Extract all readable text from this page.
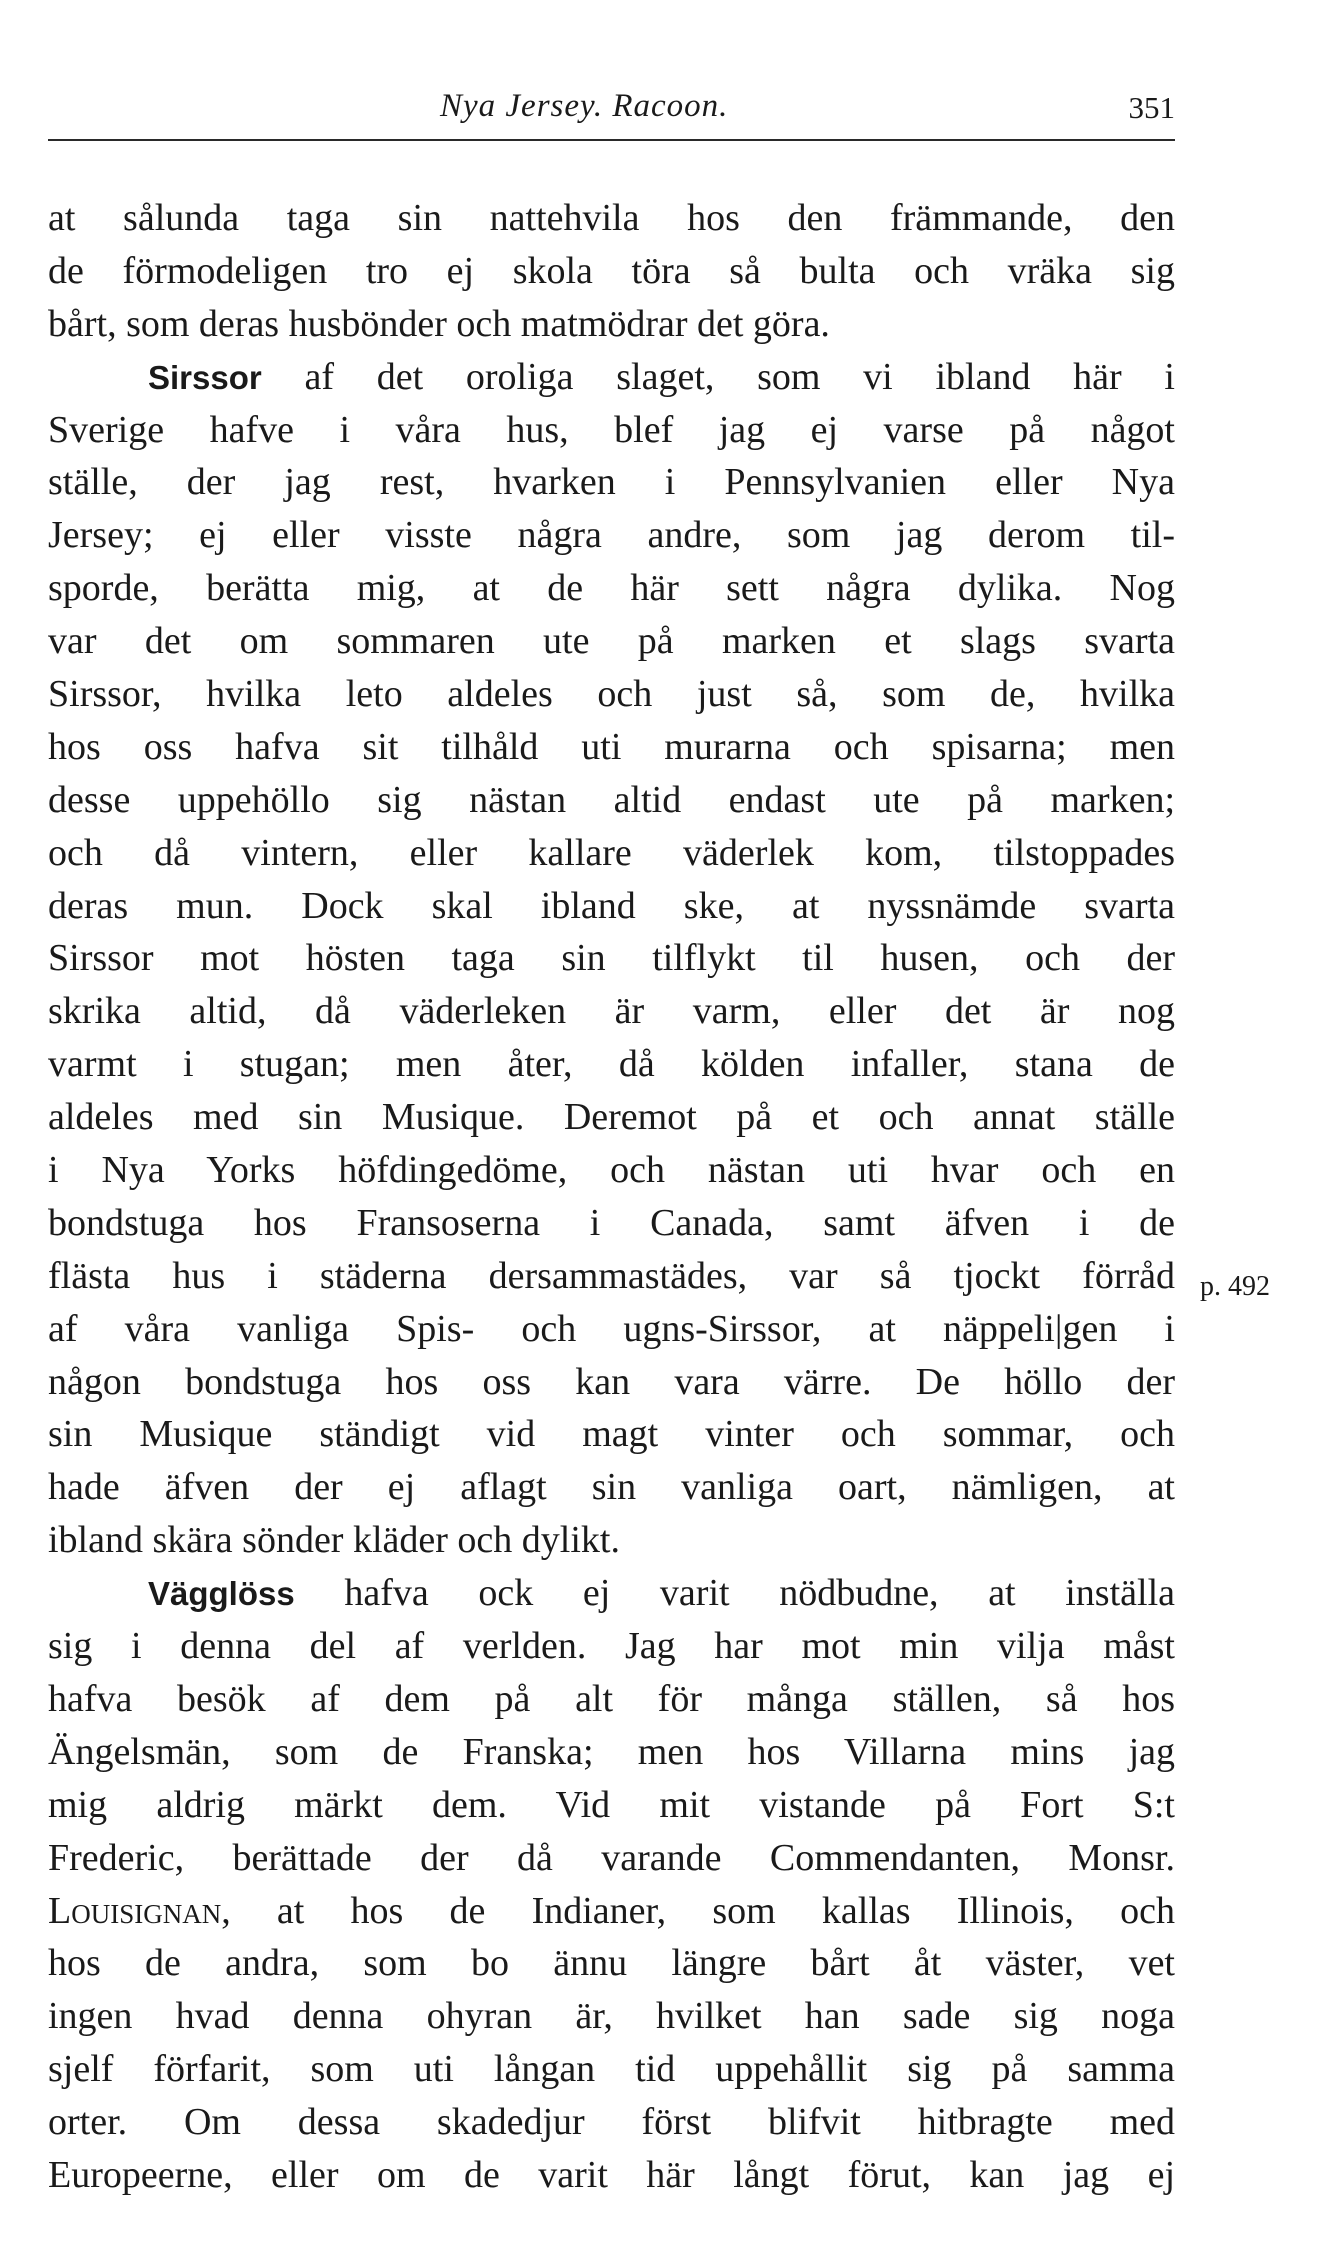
Nya Jersey. Racoon.	351
at sålunda taga sin nattehvila hos den främmande, den
de förmodeligen tro ej skola töra så bulta och vräka sig
bårt, som deras husbönder och matmödrar det göra.
Sirssor af det oroliga slaget, som vi ibland här i
Sverige hafve i våra hus, blef jag ej varse på något
ställe, der jag rest, hvarken i Pennsylvanien eller Nya
Jersey; ej eller visste några andre, som jag derom til-
sporde, berätta mig, at de här sett några dylika. Nog
var det om sommaren ute på marken et slags svarta
Sirssor, hvilka leto aldeles och just så, som de, hvilka
hos oss hafva sit tilhåld uti murarna och spisarna; men
desse uppehöllo sig nästan altid endast ute på marken;
och då vintern, eller kallare väderlek kom, tilstoppades
deras mun. Dock skal ibland ske, at nyssnämde svarta
Sirssor mot hösten taga sin tilflykt til husen, och der
skrika altid, då väderleken är varm, eller det är nog
varmt i stugan; men åter, då kölden infaller, stana de
aldeles med sin Musique. Deremot på et och annat ställe
i Nya Yorks höfdingedöme, och nästan uti hvar och en
bondstuga hos Fransoserna i Canada, samt äfven i de
flästa hus i städerna dersammastädes, var så tjockt förråd
af våra vanliga Spis- och ugns-Sirssor, at näppeli|gen i
någon bondstuga hos oss kan vara värre. De höllo der
sin Musique ständigt vid magt vinter och sommar, och
hade äfven der ej aflagt sin vanliga oart, nämligen, at
ibland skära sönder kläder och dylikt.
Vägglöss hafva ock ej varit nödbudne, at inställa
sig i denna del af verlden. Jag har mot min vilja måst
hafva besök af dem på alt för många ställen, så hos
Ängelsmän, som de Franska; men hos Villarna mins jag
mig aldrig märkt dem. Vid mit vistande på Fort S:t
Frederic, berättade der då varande Commendanten, Monsr.
Louisignan, at hos de Indianer, som kallas Illinois, och
hos de andra, som bo ännu längre bårt åt väster, vet
ingen hvad denna ohyran är, hvilket han sade sig noga
sjelf förfarit, som uti långan tid uppehållit sig på samma
orter. Om dessa skadedjur först blifvit hitbragte med
Europeerne, eller om de varit här långt förut, kan jag ej
p. 492
